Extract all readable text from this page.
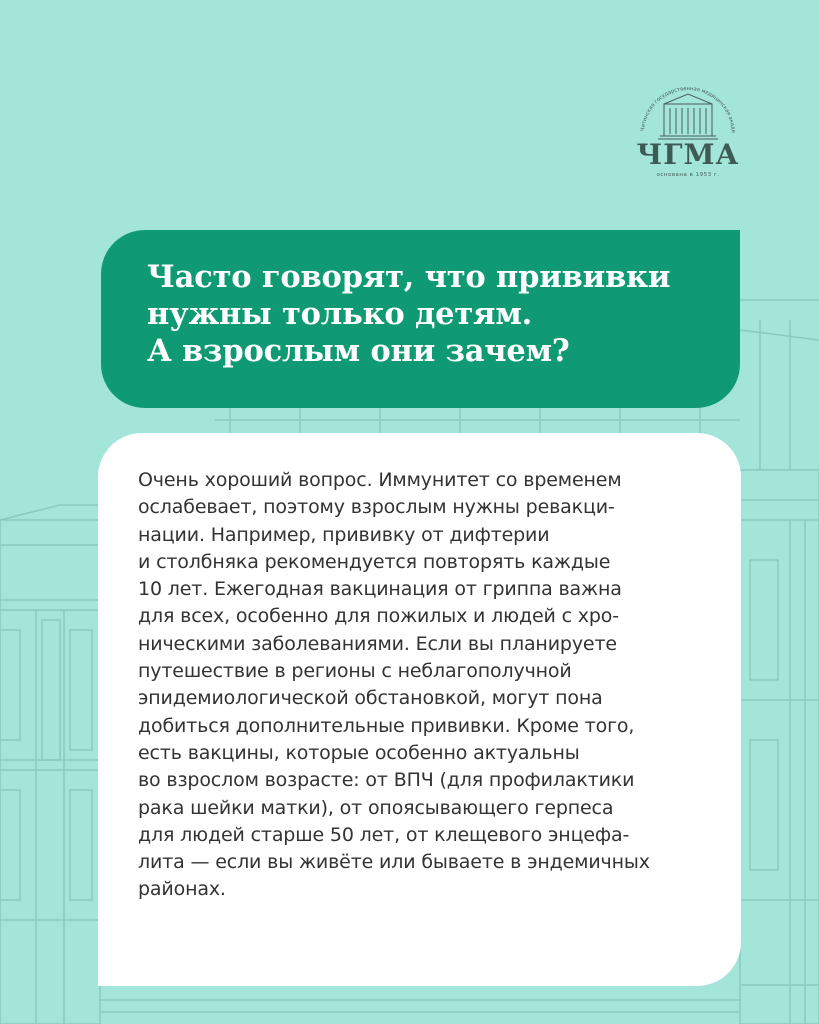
Читинская государственная медицинская акаде
ЧГМА
основана в 1953 г.
Часто говорят, что прививки
нужны только детям.
А взрослым они зачем?

Очень хороший вопрос. Иммунитет со временем
ослабевает, поэтому взрослым нужны ревакци-
нации. Например, прививку от дифтерии
и столбняка рекомендуется повторять каждые
10 лет. Ежегодная вакцинация от гриппа важна
для всех, особенно для пожилых и людей с хро-
ническими заболеваниями. Если вы планируете
путешествие в регионы с неблагополучной
эпидемиологической обстановкой, могут пона
добиться дополнительные прививки. Кроме того,
есть вакцины, которые особенно актуальны
во взрослом возрасте: от ВПЧ (для профилактики
рака шейки матки), от опоясывающего герпеса
для людей старше 50 лет, от клещевого энцефа-
лита — если вы живёте или бываете в эндемичных
районах.
